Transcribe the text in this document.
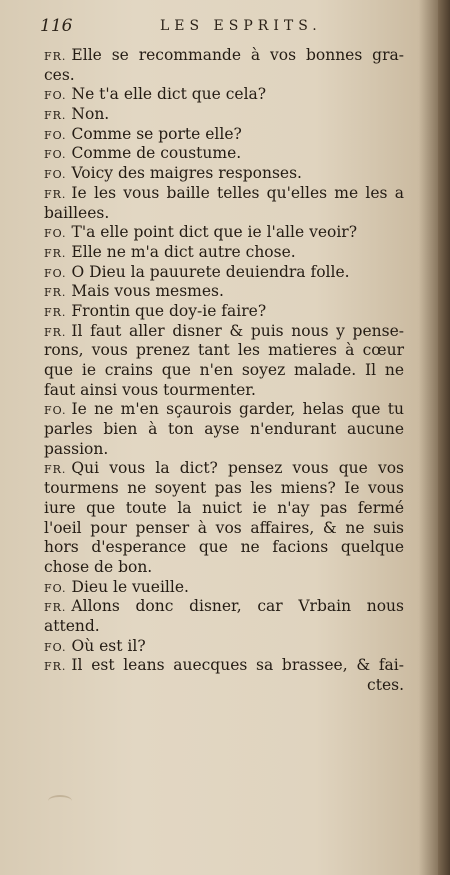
116	LES ESPRITS.
FR. Elle se recommande à vos bonnes gra-
ces.
FO. Ne t'a elle dict que cela?
FR. Non.
FO. Comme se porte elle?
FO. Comme de coustume.
FO. Voicy des maigres responses.
FR. Ie les vous baille telles qu'elles me les a
baillees.
FO. T'a elle point dict que ie l'alle veoir?
FR. Elle ne m'a dict autre chose.
FO. O Dieu la pauurete deuiendra folle.
FR. Mais vous mesmes.
FR. Frontin que doy-ie faire?
FR. Il faut aller disner & puis nous y pense-
rons, vous prenez tant les matieres à cœur
que ie crains que n'en soyez malade. Il ne
faut ainsi vous tourmenter.
FO. Ie ne m'en sçaurois garder, helas que tu
parles bien à ton ayse n'endurant aucune
passion.
FR. Qui vous la dict? pensez vous que vos
tourmens ne soyent pas les miens? Ie vous
iure que toute la nuict ie n'ay pas fermé
l'oeil pour penser à vos affaires, & ne suis
hors d'esperance que ne facions quelque
chose de bon.
FO. Dieu le vueille.
FR. Allons donc disner, car Vrbain nous
attend.
FO. Où est il?
FR. Il est leans auecques sa brassee, & fai-
ctes.
